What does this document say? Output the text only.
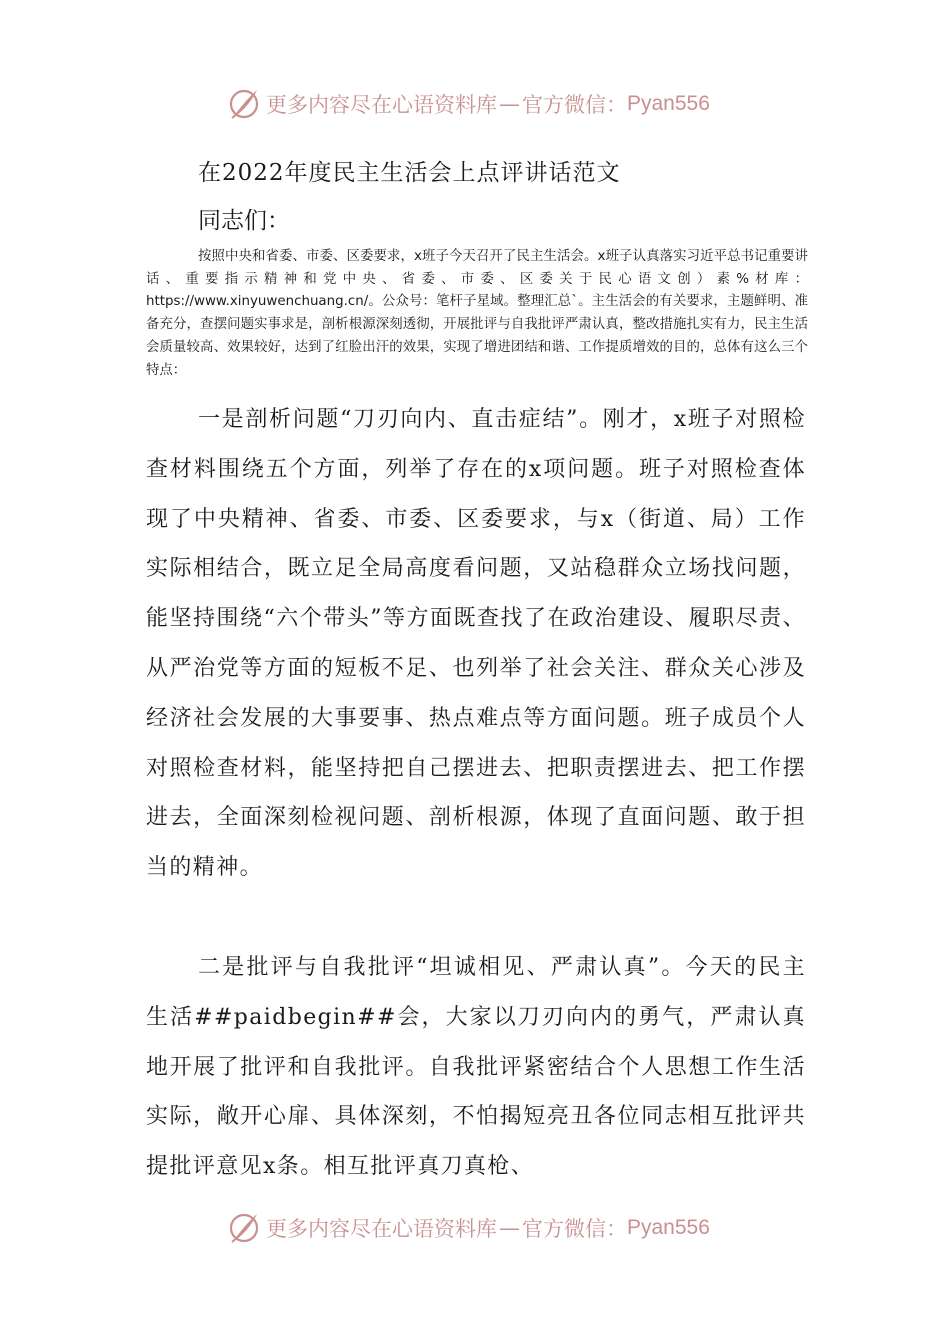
更多内容尽在心语资料库 — 官方微信： Pyan556
在2022年度民主生活会上点评讲话范文
同志们：

按照中央和省委、市委、区委要求，x班子今天召开了民主生活会。x班子认真落实习近平总书记重要讲话、重要指示精神和党中央、省委、市委、区委关于民心语文创）素%材库：https://www.xinyuwenchuang.cn/。公众号：笔杆子星域。整理汇总`。主生活会的有关要求，主题鲜明、准备充分，查摆问题实事求是，剖析根源深刻透彻，开展批评与自我批评严肃认真，整改措施扎实有力，民主生活会质量较高、效果较好，达到了红脸出汗的效果，实现了增进团结和谐、工作提质增效的目的，总体有这么三个特点：

一是剖析问题“刀刃向内、直击症结”。刚才，x班子对照检查材料围绕五个方面，列举了存在的x项问题。班子对照检查体现了中央精神、省委、市委、区委要求，与x（街道、局）工作实际相结合，既立足全局高度看问题，又站稳群众立场找问题，能坚持围绕“六个带头”等方面既查找了在政治建设、履职尽责、从严治党等方面的短板不足、也列举了社会关注、群众关心涉及经济社会发展的大事要事、热点难点等方面问题。班子成员个人对照检查材料，能坚持把自己摆进去、把职责摆进去、把工作摆进去，全面深刻检视问题、剖析根源，体现了直面问题、敢于担当的精神。

二是批评与自我批评“坦诚相见、严肃认真”。今天的民主生活##paidbegin##会，大家以刀刃向内的勇气，严肃认真地开展了批评和自我批评。自我批评紧密结合个人思想工作生活实际，敞开心扉、具体深刻，不怕揭短亮丑各位同志相互批评共提批评意见x条。相互批评真刀真枪、

更多内容尽在心语资料库 — 官方微信： Pyan556
